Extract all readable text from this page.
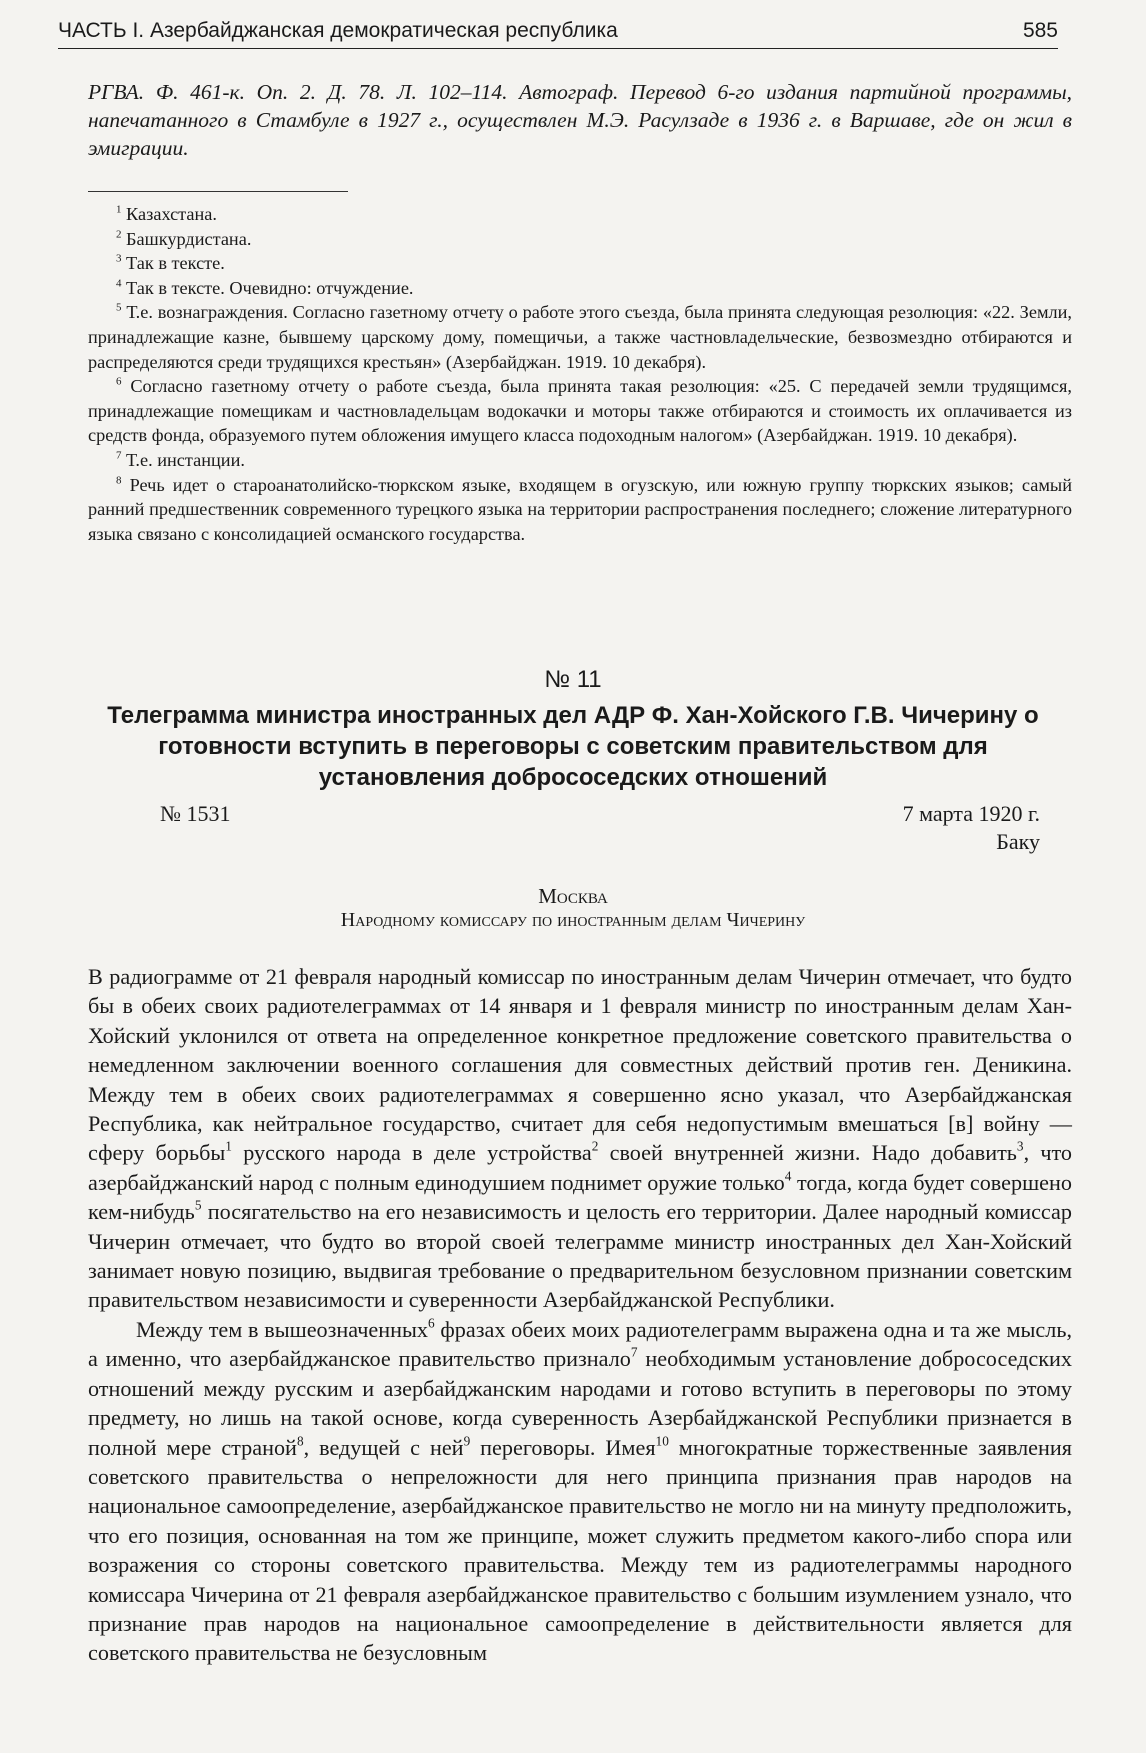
ЧАСТЬ I. Азербайджанская демократическая республика	585

РГВА. Ф. 461-к. Оп. 2. Д. 78. Л. 102–114. Автограф. Перевод 6-го издания партийной программы, напечатанного в Стамбуле в 1927 г., осуществлен М.Э. Расулзаде в 1936 г. в Варшаве, где он жил в эмиграции.

$^1$ Казахстана.

$^2$ Башкурдистана.

$^3$ Так в тексте.

$^4$ Так в тексте. Очевидно: отчуждение.

$^5$ Т.е. вознаграждения. Согласно газетному отчету о работе этого съезда, была принята следующая резолюция: «22. Земли, принадлежащие казне, бывшему царскому дому, помещичьи, а также частновладельческие, безвозмездно отбираются и распределяются среди трудящихся крестьян» (Азербайджан. 1919. 10 декабря).

$^6$ Согласно газетному отчету о работе съезда, была принята такая резолюция: «25. С передачей земли трудящимся, принадлежащие помещикам и частновладельцам водокачки и моторы также отбираются и стоимость их оплачивается из средств фонда, образуемого путем обложения имущего класса подоходным налогом» (Азербайджан. 1919. 10 декабря).

$^7$ Т.е. инстанции.

$^8$ Речь идет о староанатолийско-тюркском языке, входящем в огузскую, или южную группу тюркских языков; самый ранний предшественник современного турецкого языка на территории распространения последнего; сложение литературного языка связано с консолидацией османского государства.

№ 11
Телеграмма министра иностранных дел АДР Ф. Хан-Хойского Г.В. Чичерину о готовности вступить в переговоры с советским правительством для установления добрососедских отношений
№ 1531	7 марта 1920 г.
Баку
Москва
Народному комиссару по иностранным делам Чичерину

В радиограмме от 21 февраля народный комиссар по иностранным делам Чичерин отмечает, что будто бы в обеих своих радиотелеграммах от 14 января и 1 февраля министр по иностранным делам Хан-Хойский уклонился от ответа на определенное конкретное предложение советского правительства о немедленном заключении военного соглашения для совместных действий против ген. Деникина. Между тем в обеих своих радиотелеграммах я совершенно ясно указал, что Азербайджанская Республика, как нейтральное государство, считает для себя недопустимым вмешаться [в] войну — сферу борьбы$^1$ русского народа в деле устройства$^2$ своей внутренней жизни. Надо добавить$^3$, что азербайджанский народ с полным единодушием поднимет оружие только$^4$ тогда, когда будет совершено кем-нибудь$^5$ посягательство на его независимость и целость его территории. Далее народный комиссар Чичерин отмечает, что будто во второй своей телеграмме министр иностранных дел Хан-Хойский занимает новую позицию, выдвигая требование о предварительном безусловном признании советским правительством независимости и суверенности Азербайджанской Республики.

Между тем в вышеозначенных$^6$ фразах обеих моих радиотелеграмм выражена одна и та же мысль, а именно, что азербайджанское правительство признало$^7$ необходимым установление добрососедских отношений между русским и азербайджанским народами и готово вступить в переговоры по этому предмету, но лишь на такой основе, когда суверенность Азербайджанской Республики признается в полной мере страной$^8$, ведущей с ней$^9$ переговоры. Имея$^{10}$ многократные торжественные заявления советского правительства о непреложности для него принципа признания прав народов на национальное самоопределение, азербайджанское правительство не могло ни на минуту предположить, что его позиция, основанная на том же принципе, может служить предметом какого-либо спора или возражения со стороны советского правительства. Между тем из радиотелеграммы народного комиссара Чичерина от 21 февраля азербайджанское правительство с большим изумлением узнало, что признание прав народов на национальное самоопределение в действительности является для советского правительства не безусловным
